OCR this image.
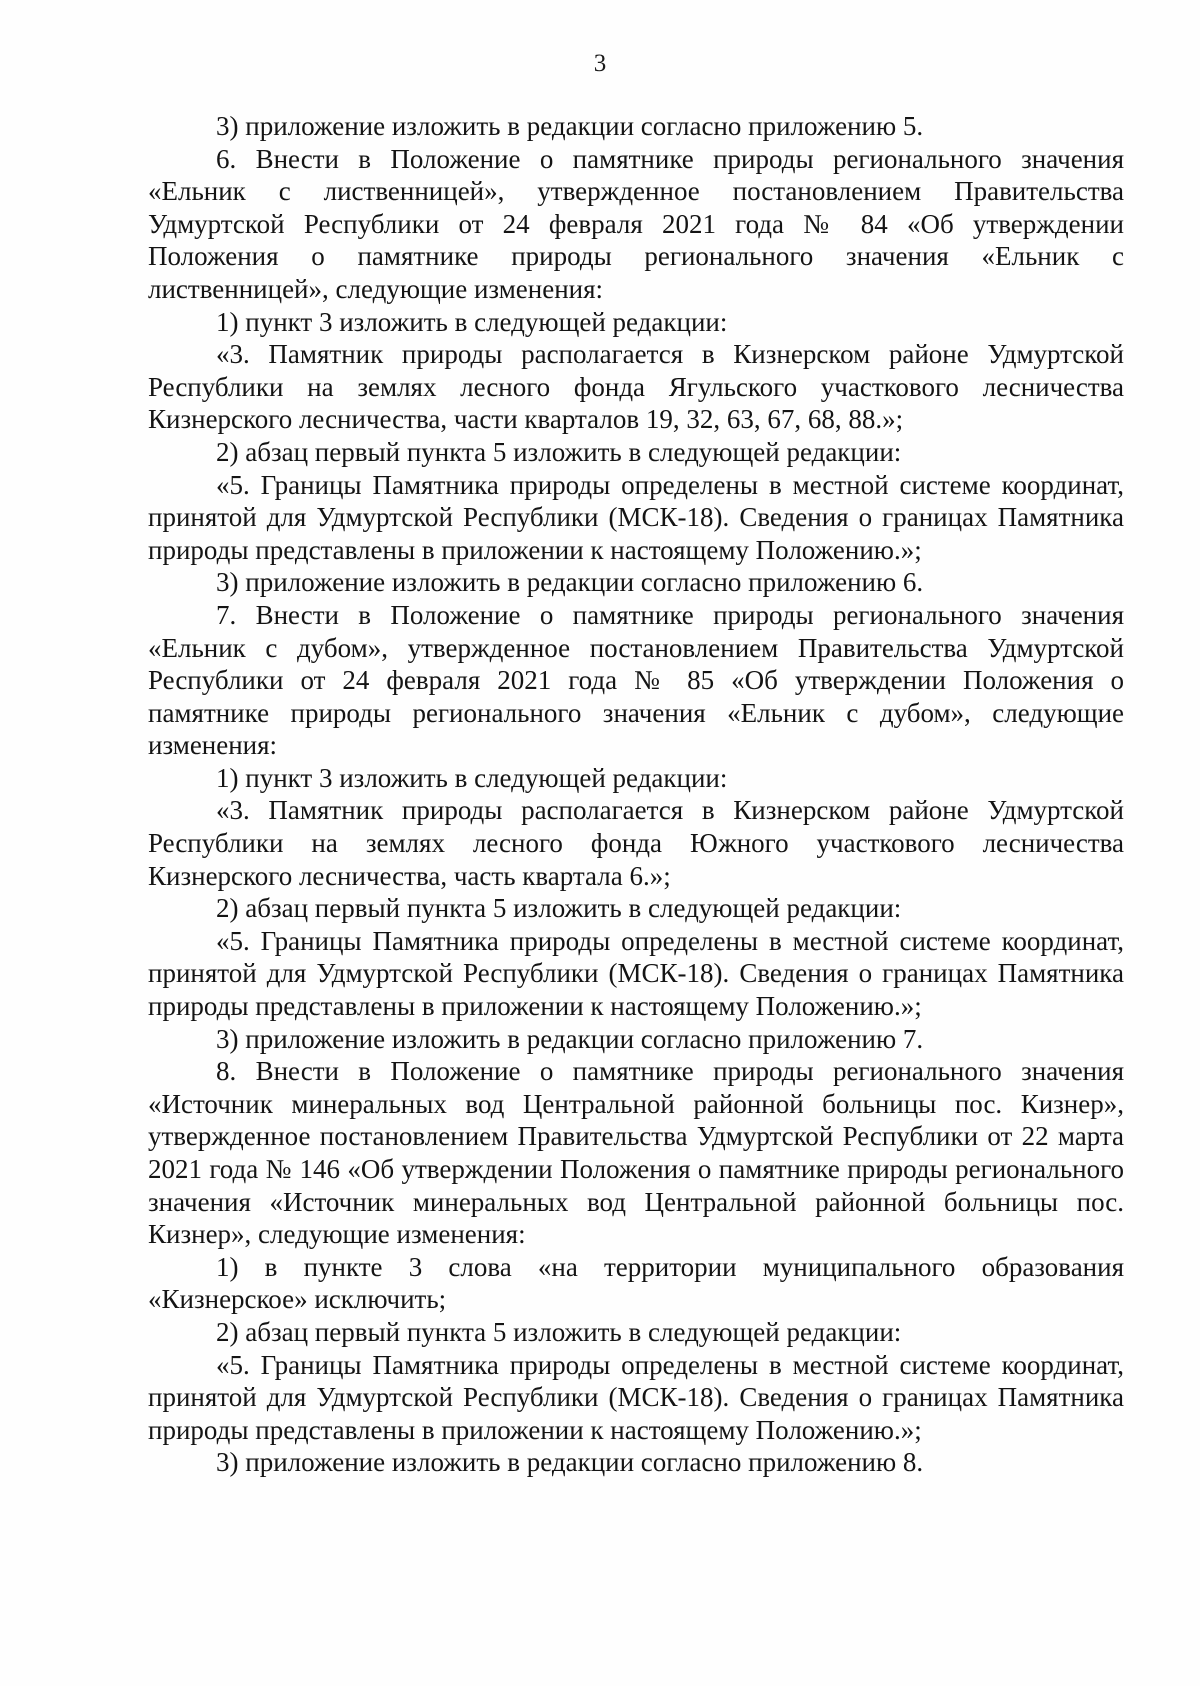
3

3) приложение изложить в редакции согласно приложению 5.

6. Внести в Положение о памятнике природы регионального значения «Ельник с лиственницей», утвержденное постановлением Правительства Удмуртской Республики от 24 февраля 2021 года № 84 «Об утверждении Положения о памятнике природы регионального значения «Ельник с лиственницей», следующие изменения:

1) пункт 3 изложить в следующей редакции:

«3. Памятник природы располагается в Кизнерском районе Удмуртской Республики на землях лесного фонда Ягульского участкового лесничества Кизнерского лесничества, части кварталов 19, 32, 63, 67, 68, 88.»;

2) абзац первый пункта 5 изложить в следующей редакции:

«5. Границы Памятника природы определены в местной системе координат, принятой для Удмуртской Республики (МСК-18). Сведения о границах Памятника природы представлены в приложении к настоящему Положению.»;

3) приложение изложить в редакции согласно приложению 6.

7. Внести в Положение о памятнике природы регионального значения «Ельник с дубом», утвержденное постановлением Правительства Удмуртской Республики от 24 февраля 2021 года № 85 «Об утверждении Положения о памятнике природы регионального значения «Ельник с дубом», следующие изменения:

1) пункт 3 изложить в следующей редакции:

«3. Памятник природы располагается в Кизнерском районе Удмуртской Республики на землях лесного фонда Южного участкового лесничества Кизнерского лесничества, часть квартала 6.»;

2) абзац первый пункта 5 изложить в следующей редакции:

«5. Границы Памятника природы определены в местной системе координат, принятой для Удмуртской Республики (МСК-18). Сведения о границах Памятника природы представлены в приложении к настоящему Положению.»;

3) приложение изложить в редакции согласно приложению 7.

8. Внести в Положение о памятнике природы регионального значения «Источник минеральных вод Центральной районной больницы пос. Кизнер», утвержденное постановлением Правительства Удмуртской Республики от 22 марта 2021 года № 146 «Об утверждении Положения о памятнике природы регионального значения «Источник минеральных вод Центральной районной больницы пос. Кизнер», следующие изменения:

1) в пункте 3 слова «на территории муниципального образования «Кизнерское» исключить;

2) абзац первый пункта 5 изложить в следующей редакции:

«5. Границы Памятника природы определены в местной системе координат, принятой для Удмуртской Республики (МСК-18). Сведения о границах Памятника природы представлены в приложении к настоящему Положению.»;

3) приложение изложить в редакции согласно приложению 8.
